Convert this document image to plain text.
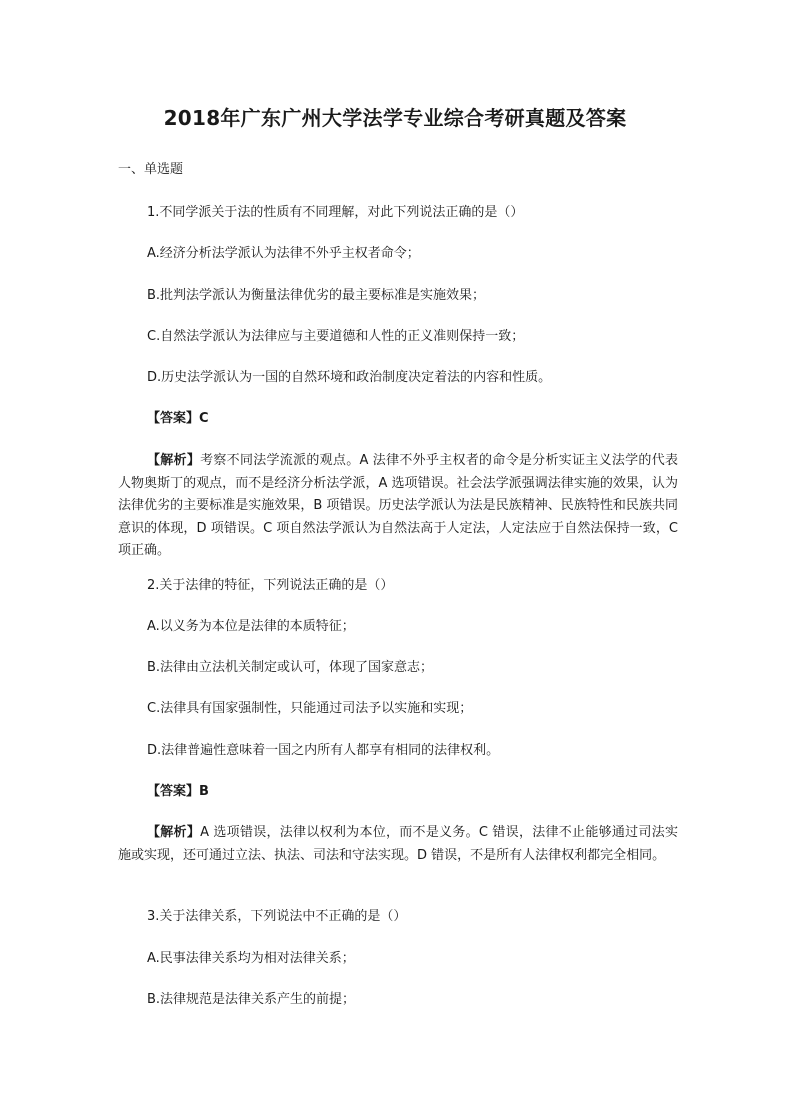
2018年广东广州大学法学专业综合考研真题及答案

一、单选题

1.不同学派关于法的性质有不同理解，对此下列说法正确的是（）

A.经济分析法学派认为法律不外乎主权者命令；

B.批判法学派认为衡量法律优劣的最主要标准是实施效果；

C.自然法学派认为法律应与主要道德和人性的正义准则保持一致；

D.历史法学派认为一国的自然环境和政治制度决定着法的内容和性质。

【答案】C

【解析】考察不同法学流派的观点。A 法律不外乎主权者的命令是分析实证主义法学的代表人物奥斯丁的观点，而不是经济分析法学派，A 选项错误。社会法学派强调法律实施的效果，认为法律优劣的主要标准是实施效果，B 项错误。历史法学派认为法是民族精神、民族特性和民族共同意识的体现，D 项错误。C 项自然法学派认为自然法高于人定法，人定法应于自然法保持一致，C 项正确。

2.关于法律的特征，下列说法正确的是（）

A.以义务为本位是法律的本质特征；

B.法律由立法机关制定或认可，体现了国家意志；

C.法律具有国家强制性，只能通过司法予以实施和实现；

D.法律普遍性意味着一国之内所有人都享有相同的法律权利。

【答案】B

【解析】A 选项错误，法律以权利为本位，而不是义务。C 错误，法律不止能够通过司法实施或实现，还可通过立法、执法、司法和守法实现。D 错误，不是所有人法律权利都完全相同。

3.关于法律关系，下列说法中不正确的是（）

A.民事法律关系均为相对法律关系；

B.法律规范是法律关系产生的前提；
